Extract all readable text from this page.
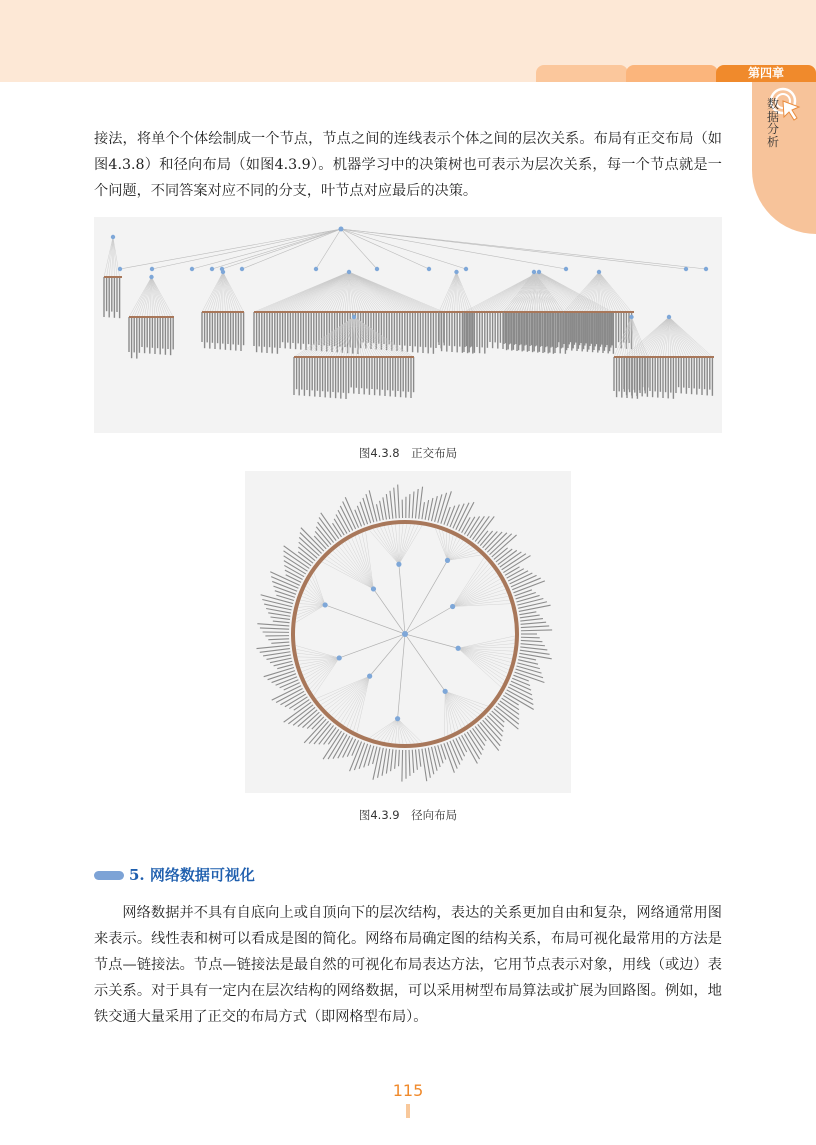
第四章
数据分析

接法，将单个个体绘制成一个节点，节点之间的连线表示个体之间的层次关系。布局有正交布局（如图4.3.8）和径向布局（如图4.3.9）。机器学习中的决策树也可表示为层次关系，每一个节点就是一个问题，不同答案对应不同的分支，叶节点对应最后的决策。

图4.3.8　正交布局
图4.3.9　径向布局
5. 网络数据可视化

网络数据并不具有自底向上或自顶向下的层次结构，表达的关系更加自由和复杂，网络通常用图来表示。线性表和树可以看成是图的简化。网络布局确定图的结构关系，布局可视化最常用的方法是节点—链接法。节点—链接法是最自然的可视化布局表达方法，它用节点表示对象，用线（或边）表示关系。对于具有一定内在层次结构的网络数据，可以采用树型布局算法或扩展为回路图。例如，地铁交通大量采用了正交的布局方式（即网格型布局）。

115
